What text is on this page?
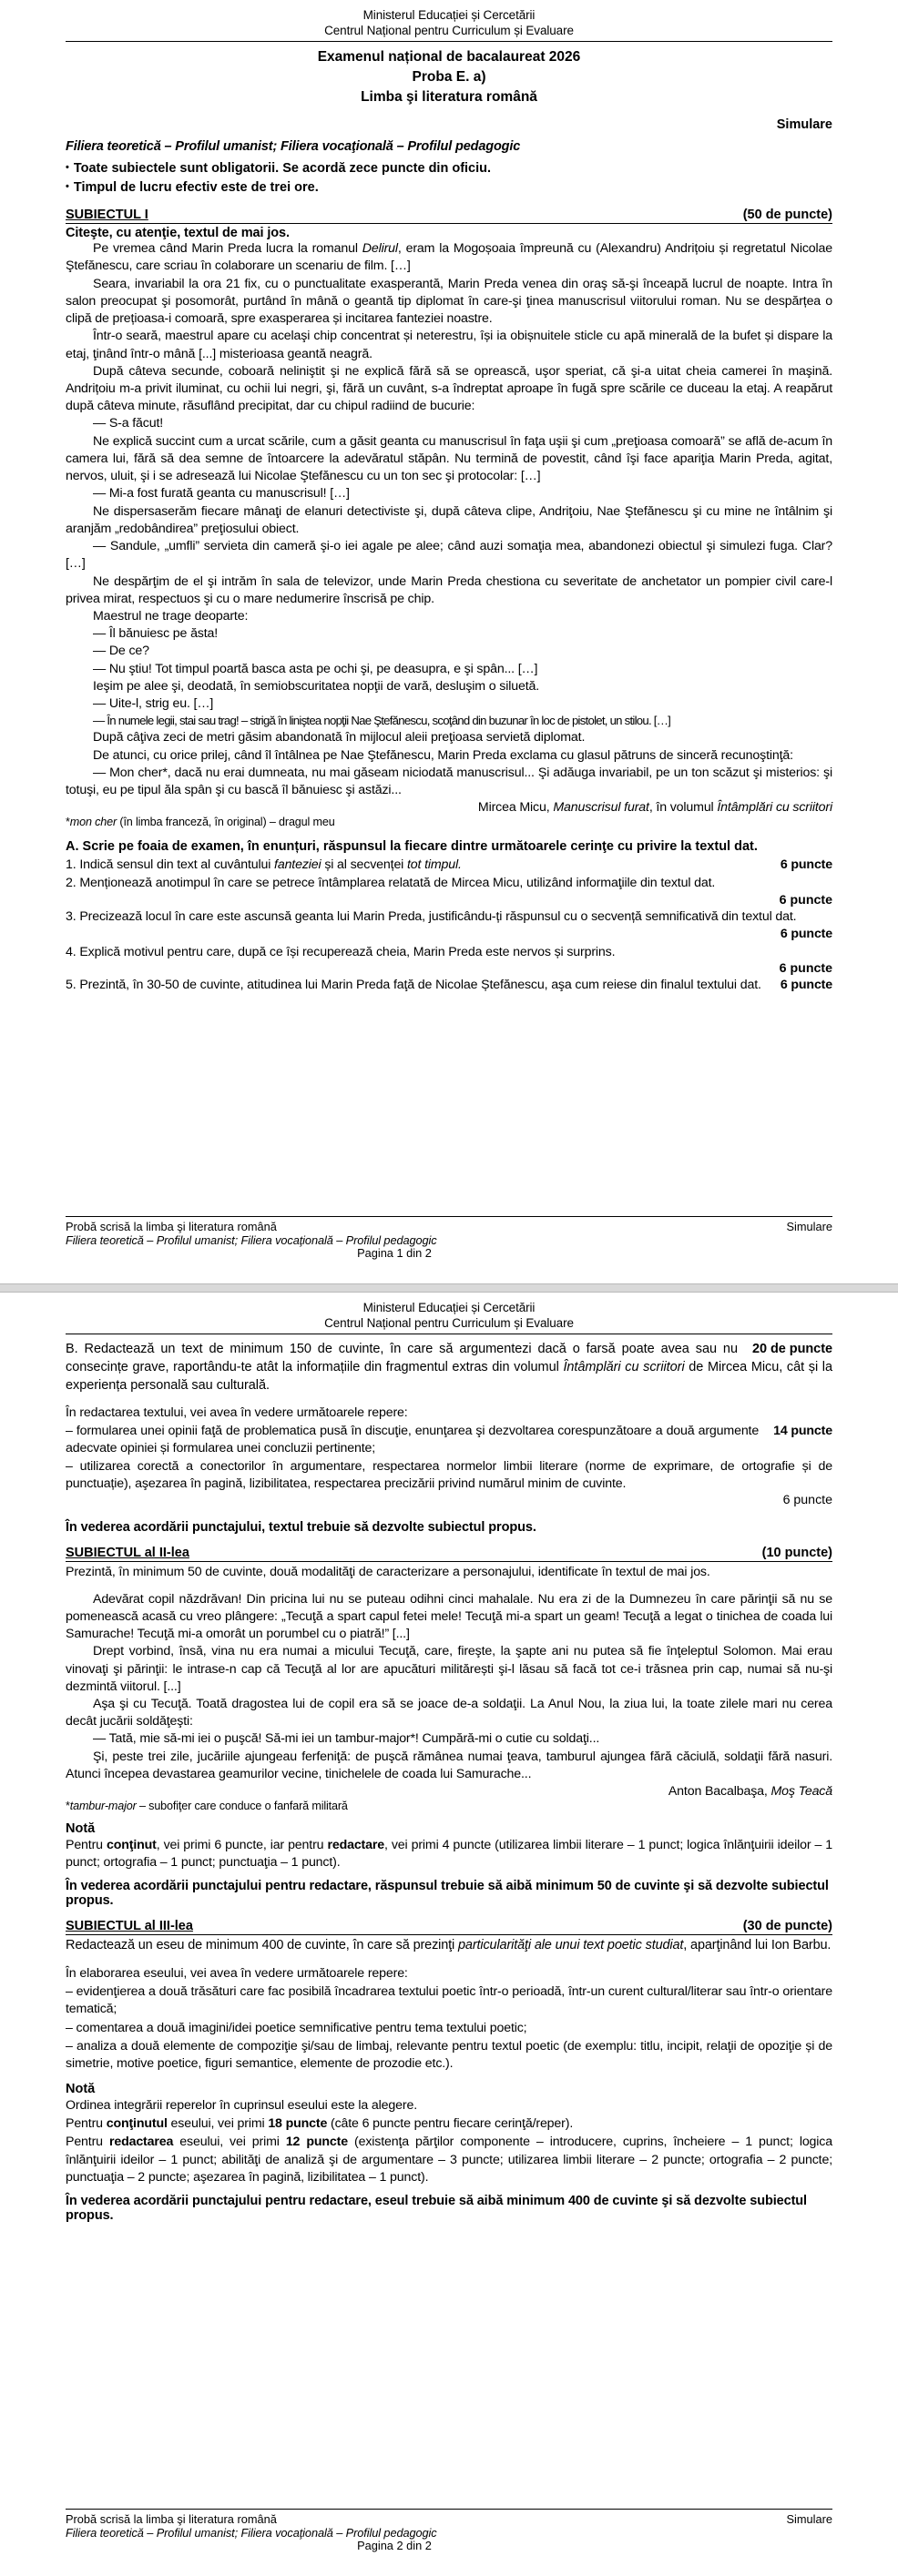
Ministerul Educației și Cercetării
Centrul Național pentru Curriculum și Evaluare
Examenul național de bacalaureat 2026
Proba E. a)
Limba şi literatura română
Simulare
Filiera teoretică – Profilul umanist; Filiera vocaţională – Profilul pedagogic
• Toate subiectele sunt obligatorii. Se acordă zece puncte din oficiu.
• Timpul de lucru efectiv este de trei ore.
SUBIECTUL I	(50 de puncte)
Citeşte, cu atenţie, textul de mai jos.

Pe vremea când Marin Preda lucra la romanul Delirul, eram la Mogoșoaia împreună cu (Alexandru) Andrițoiu și regretatul Nicolae Ştefănescu, care scriau în colaborare un scenariu de film. […]

Seara, invariabil la ora 21 fix, cu o punctualitate exasperantă, Marin Preda venea din oraş să-şi înceapă lucrul de noapte. Intra în salon preocupat şi posomorât, purtând în mână o geantă tip diplomat în care-şi ţinea manuscrisul viitorului roman. Nu se despărțea o clipă de prețioasa-i comoară, spre exasperarea și incitarea fanteziei noastre.

Într-o seară, maestrul apare cu acelaşi chip concentrat și neterestru, își ia obișnuitele sticle cu apă minerală de la bufet și dispare la etaj, ţinând într-o mână [...] misterioasa geantă neagră.

După câteva secunde, coboară neliniştit şi ne explică fără să se oprească, uşor speriat, că şi-a uitat cheia camerei în maşină. Andrițoiu m-a privit iluminat, cu ochii lui negri, şi, fără un cuvânt, s-a îndreptat aproape în fugă spre scările ce duceau la etaj. A reapărut după câteva minute, răsuflând precipitat, dar cu chipul radiind de bucurie:

— S-a făcut!

Ne explică succint cum a urcat scările, cum a găsit geanta cu manuscrisul în faţa uşii şi cum „preţioasa comoară” se află de-acum în camera lui, fără să dea semne de întoarcere la adevăratul stăpân. Nu termină de povestit, când îşi face apariţia Marin Preda, agitat, nervos, uluit, şi i se adresează lui Nicolae Ştefănescu cu un ton sec şi protocolar: […]

— Mi-a fost furată geanta cu manuscrisul! […]

Ne dispersaserăm fiecare mânaţi de elanuri detectiviste şi, după câteva clipe, Andriţoiu, Nae Ştefănescu şi cu mine ne întâlnim şi aranjăm „redobândirea” preţiosului obiect.

— Sandule, „umfli” servieta din cameră şi-o iei agale pe alee; când auzi somaţia mea, abandonezi obiectul şi simulezi fuga. Clar? […]

Ne despărţim de el şi intrăm în sala de televizor, unde Marin Preda chestiona cu severitate de anchetator un pompier civil care-l privea mirat, respectuos şi cu o mare nedumerire înscrisă pe chip.

Maestrul ne trage deoparte:

— Îl bănuiesc pe ăsta!

— De ce?

— Nu ştiu! Tot timpul poartă basca asta pe ochi şi, pe deasupra, e şi spân... […]

Ieşim pe alee şi, deodată, în semiobscuritatea nopţii de vară, desluşim o siluetă.

— Uite-l, strig eu. […]

— În numele legii, stai sau trag! – strigă în liniştea nopţii Nae Ştefănescu, scoţând din buzunar în loc de pistolet, un stilou. […]

După câţiva zeci de metri găsim abandonată în mijlocul aleii preţioasa servietă diplomat.

De atunci, cu orice prilej, când îl întâlnea pe Nae Ştefănescu, Marin Preda exclama cu glasul pătruns de sinceră recunoştinţă:

— Mon cher*, dacă nu erai dumneata, nu mai găseam niciodată manuscrisul... Şi adăuga invariabil, pe un ton scăzut şi misterios: şi totuşi, eu pe tipul ăla spân şi cu bască îl bănuiesc şi astăzi...

Mircea Micu, Manuscrisul furat, în volumul Întâmplări cu scriitori
*mon cher (în limba franceză, în original) – dragul meu
A. Scrie pe foaia de examen, în enunțuri, răspunsul la fiecare dintre următoarele cerinţe cu privire la textul dat.
6 puncte
1. Indică sensul din text al cuvântului fanteziei și al secvenței tot timpul.
2. Menționează anotimpul în care se petrece întâmplarea relatată de Mircea Micu, utilizând informaţiile din textul dat.
6 puncte
3. Precizează locul în care este ascunsă geanta lui Marin Preda, justificându-ți răspunsul cu o secvență semnificativă din textul dat.
6 puncte
4. Explică motivul pentru care, după ce își recuperează cheia, Marin Preda este nervos și surprins.
6 puncte
5. Prezintă, în 30-50 de cuvinte, atitudinea lui Marin Preda faţă de Nicolae Ștefănescu, aşa cum reiese din finalul textului dat. 6 puncte
Probă scrisă la limba şi literatura română	Simulare
Filiera teoretică – Profilul umanist; Filiera vocaţională – Profilul pedagogic
Pagina 1 din 2
Ministerul Educației și Cercetării
Centrul Național pentru Curriculum și Evaluare
20 de puncte
B. Redactează un text de minimum 150 de cuvinte, în care să argumentezi dacă o farsă poate avea sau nu consecințe grave, raportându-te atât la informațiile din fragmentul extras din volumul Întâmplări cu scriitori de Mircea Micu, cât și la experiența personală sau culturală.
În redactarea textului, vei avea în vedere următoarele repere:
14 puncte
– formularea unei opinii faţă de problematica pusă în discuţie, enunţarea şi dezvoltarea corespunzătoare a două argumente adecvate opiniei și formularea unei concluzii pertinente;
– utilizarea corectă a conectorilor în argumentare, respectarea normelor limbii literare (norme de exprimare, de ortografie și de punctuație), aşezarea în pagină, lizibilitatea, respectarea precizării privind numărul minim de cuvinte.
6 puncte
În vederea acordării punctajului, textul trebuie să dezvolte subiectul propus.
SUBIECTUL al II-lea	(10 puncte)
Prezintă, în minimum 50 de cuvinte, două modalităţi de caracterizare a personajului, identificate în textul de mai jos.

Adevărat copil năzdrăvan! Din pricina lui nu se puteau odihni cinci mahalale. Nu era zi de la Dumnezeu în care părinţii să nu se pomenească acasă cu vreo plângere: „Tecuţă a spart capul fetei mele! Tecuţă mi-a spart un geam! Tecuţă a legat o tinichea de coada lui Samurache! Tecuţă mi-a omorât un porumbel cu o piatră!” [...]

Drept vorbind, însă, vina nu era numai a micului Tecuţă, care, fireşte, la şapte ani nu putea să fie înţeleptul Solomon. Mai erau vinovaţi şi părinţii: le intrase-n cap că Tecuţă al lor are apucături militărești şi-l lăsau să facă tot ce-i trăsnea prin cap, numai să nu-şi dezmintă viitorul. [...]

Aşa şi cu Tecuţă. Toată dragostea lui de copil era să se joace de-a soldaţii. La Anul Nou, la ziua lui, la toate zilele mari nu cerea decât jucării soldăţeşti:

— Tată, mie să-mi iei o puşcă! Să-mi iei un tambur-major*! Cumpără-mi o cutie cu soldaţi...

Şi, peste trei zile, jucăriile ajungeau ferfeniţă: de puşcă rămânea numai ţeava, tamburul ajungea fără căciulă, soldaţii fără nasuri. Atunci începea devastarea geamurilor vecine, tinichelele de coada lui Samurache...

Anton Bacalbaşa, Moş Teacă
*tambur-major – subofiţer care conduce o fanfară militară
Notă
Pentru conţinut, vei primi 6 puncte, iar pentru redactare, vei primi 4 puncte (utilizarea limbii literare – 1 punct; logica înlănţuirii ideilor – 1 punct; ortografia – 1 punct; punctuaţia – 1 punct).
În vederea acordării punctajului pentru redactare, răspunsul trebuie să aibă minimum 50 de cuvinte şi să dezvolte subiectul propus.
SUBIECTUL al III-lea	(30 de puncte)
Redactează un eseu de minimum 400 de cuvinte, în care să prezinţi particularităţi ale unui text poetic studiat, aparţinând lui Ion Barbu.
În elaborarea eseului, vei avea în vedere următoarele repere:
– evidenţierea a două trăsături care fac posibilă încadrarea textului poetic într-o perioadă, într-un curent cultural/literar sau într-o orientare tematică;
– comentarea a două imagini/idei poetice semnificative pentru tema textului poetic;
– analiza a două elemente de compoziţie şi/sau de limbaj, relevante pentru textul poetic (de exemplu: titlu, incipit, relaţii de opoziţie și de simetrie, motive poetice, figuri semantice, elemente de prozodie etc.).
Notă
Ordinea integrării reperelor în cuprinsul eseului este la alegere.
Pentru conţinutul eseului, vei primi 18 puncte (câte 6 puncte pentru fiecare cerinţă/reper).
Pentru redactarea eseului, vei primi 12 puncte (existenţa părţilor componente – introducere, cuprins, încheiere – 1 punct; logica înlănţuirii ideilor – 1 punct; abilităţi de analiză şi de argumentare – 3 puncte; utilizarea limbii literare – 2 puncte; ortografia – 2 puncte; punctuaţia – 2 puncte; aşezarea în pagină, lizibilitatea – 1 punct).
În vederea acordării punctajului pentru redactare, eseul trebuie să aibă minimum 400 de cuvinte şi să dezvolte subiectul propus.
Probă scrisă la limba şi literatura română	Simulare
Filiera teoretică – Profilul umanist; Filiera vocaţională – Profilul pedagogic
Pagina 2 din 2
